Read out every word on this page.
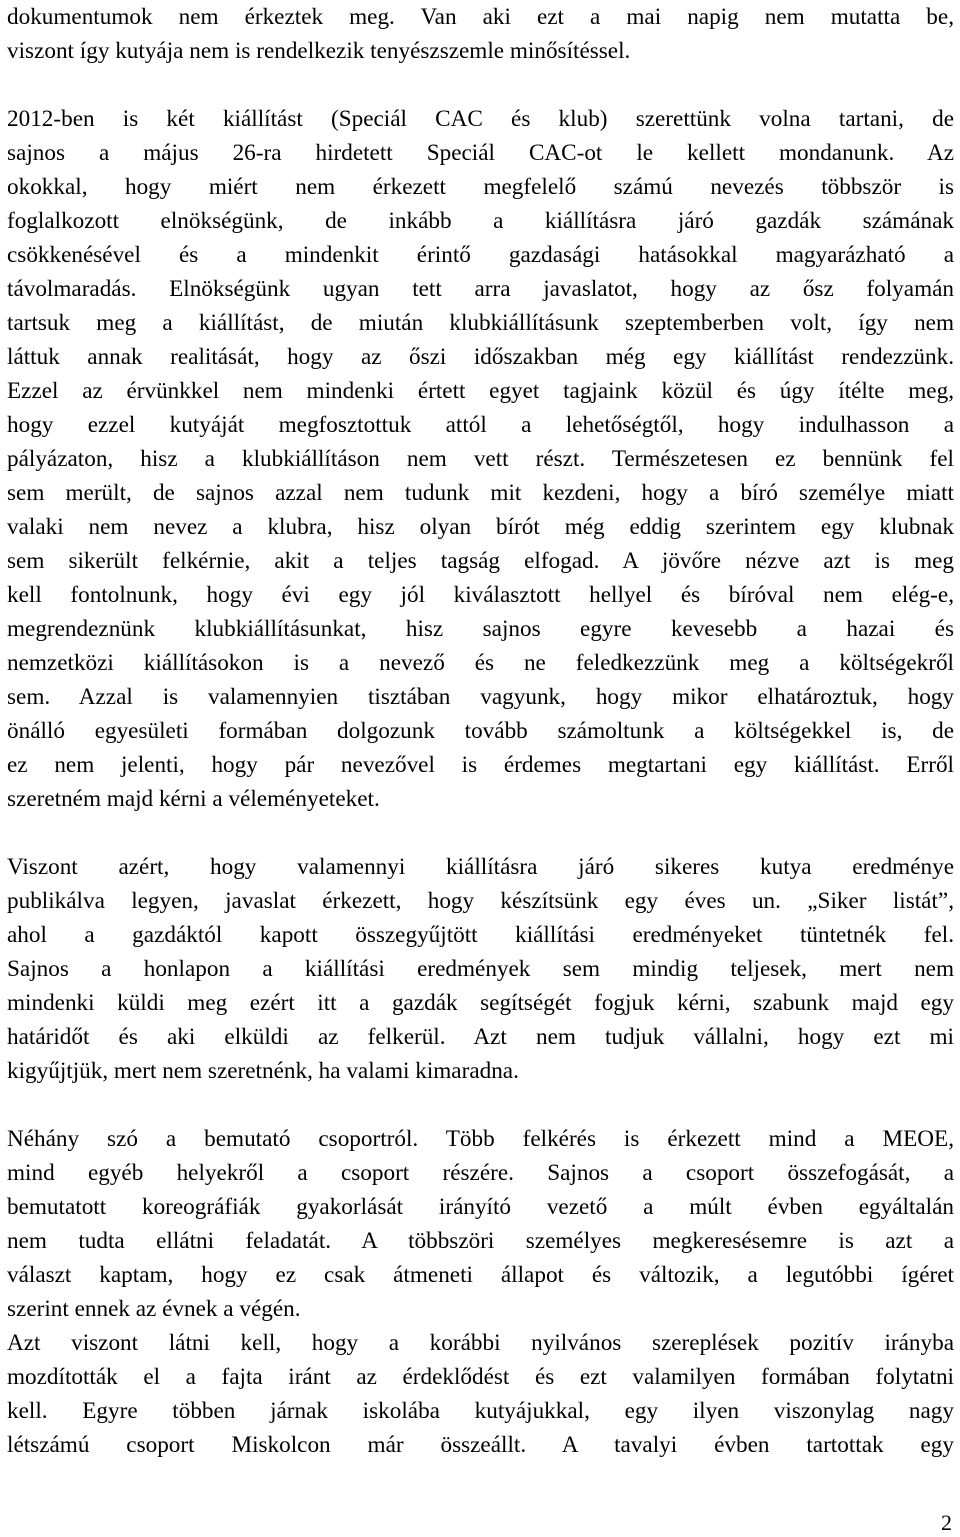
dokumentumok nem érkeztek meg. Van aki ezt a mai napig nem mutatta be,
viszont így kutyája nem is rendelkezik tenyészszemle minősítéssel.

2012-ben is két kiállítást (Speciál CAC és klub) szerettünk volna tartani, de
sajnos a május 26-ra hirdetett Speciál CAC-ot le kellett mondanunk. Az
okokkal, hogy miért nem érkezett megfelelő számú nevezés többször is
foglalkozott elnökségünk, de inkább a kiállításra járó gazdák számának
csökkenésével és a mindenkit érintő gazdasági hatásokkal magyarázható a
távolmaradás. Elnökségünk ugyan tett arra javaslatot, hogy az ősz folyamán
tartsuk meg a kiállítást, de miután klubkiállításunk szeptemberben volt, így nem
láttuk annak realitását, hogy az őszi időszakban még egy kiállítást rendezzünk.
Ezzel az érvünkkel nem mindenki értett egyet tagjaink közül és úgy ítélte meg,
hogy ezzel kutyáját megfosztottuk attól a lehetőségtől, hogy indulhasson a
pályázaton, hisz a klubkiállításon nem vett részt. Természetesen ez bennünk fel
sem merült, de sajnos azzal nem tudunk mit kezdeni, hogy a bíró személye miatt
valaki nem nevez a klubra, hisz olyan bírót még eddig szerintem egy klubnak
sem sikerült felkérnie, akit a teljes tagság elfogad. A jövőre nézve azt is meg
kell fontolnunk, hogy évi egy jól kiválasztott hellyel és bíróval nem elég-e,
megrendeznünk klubkiállításunkat, hisz sajnos egyre kevesebb a hazai és
nemzetközi kiállításokon is a nevező és ne feledkezzünk meg a költségekről
sem. Azzal is valamennyien tisztában vagyunk, hogy mikor elhatároztuk, hogy
önálló egyesületi formában dolgozunk tovább számoltunk a költségekkel is, de
ez nem jelenti, hogy pár nevezővel is érdemes megtartani egy kiállítást. Erről
szeretném majd kérni a véleményeteket.

Viszont azért, hogy valamennyi kiállításra járó sikeres kutya eredménye
publikálva legyen, javaslat érkezett, hogy készítsünk egy éves un. „Siker listát”,
ahol a gazdáktól kapott összegyűjtött kiállítási eredményeket tüntetnék fel.
Sajnos a honlapon a kiállítási eredmények sem mindig teljesek, mert nem
mindenki küldi meg ezért itt a gazdák segítségét fogjuk kérni, szabunk majd egy
határidőt és aki elküldi az felkerül. Azt nem tudjuk vállalni, hogy ezt mi
kigyűjtjük, mert nem szeretnénk, ha valami kimaradna.

Néhány szó a bemutató csoportról. Több felkérés is érkezett mind a MEOE,
mind egyéb helyekről a csoport részére. Sajnos a csoport összefogását, a
bemutatott koreográfiák gyakorlását irányító vezető a múlt évben egyáltalán
nem tudta ellátni feladatát. A többszöri személyes megkeresésemre is azt a
választ kaptam, hogy ez csak átmeneti állapot és változik, a legutóbbi ígéret
szerint ennek az évnek a végén.

Azt viszont látni kell, hogy a korábbi nyilvános szereplések pozitív irányba
mozdították el a fajta iránt az érdeklődést és ezt valamilyen formában folytatni
kell. Egyre többen járnak iskolába kutyájukkal, egy ilyen viszonylag nagy
létszámú csoport Miskolcon már összeállt. A tavalyi évben tartottak egy

2
